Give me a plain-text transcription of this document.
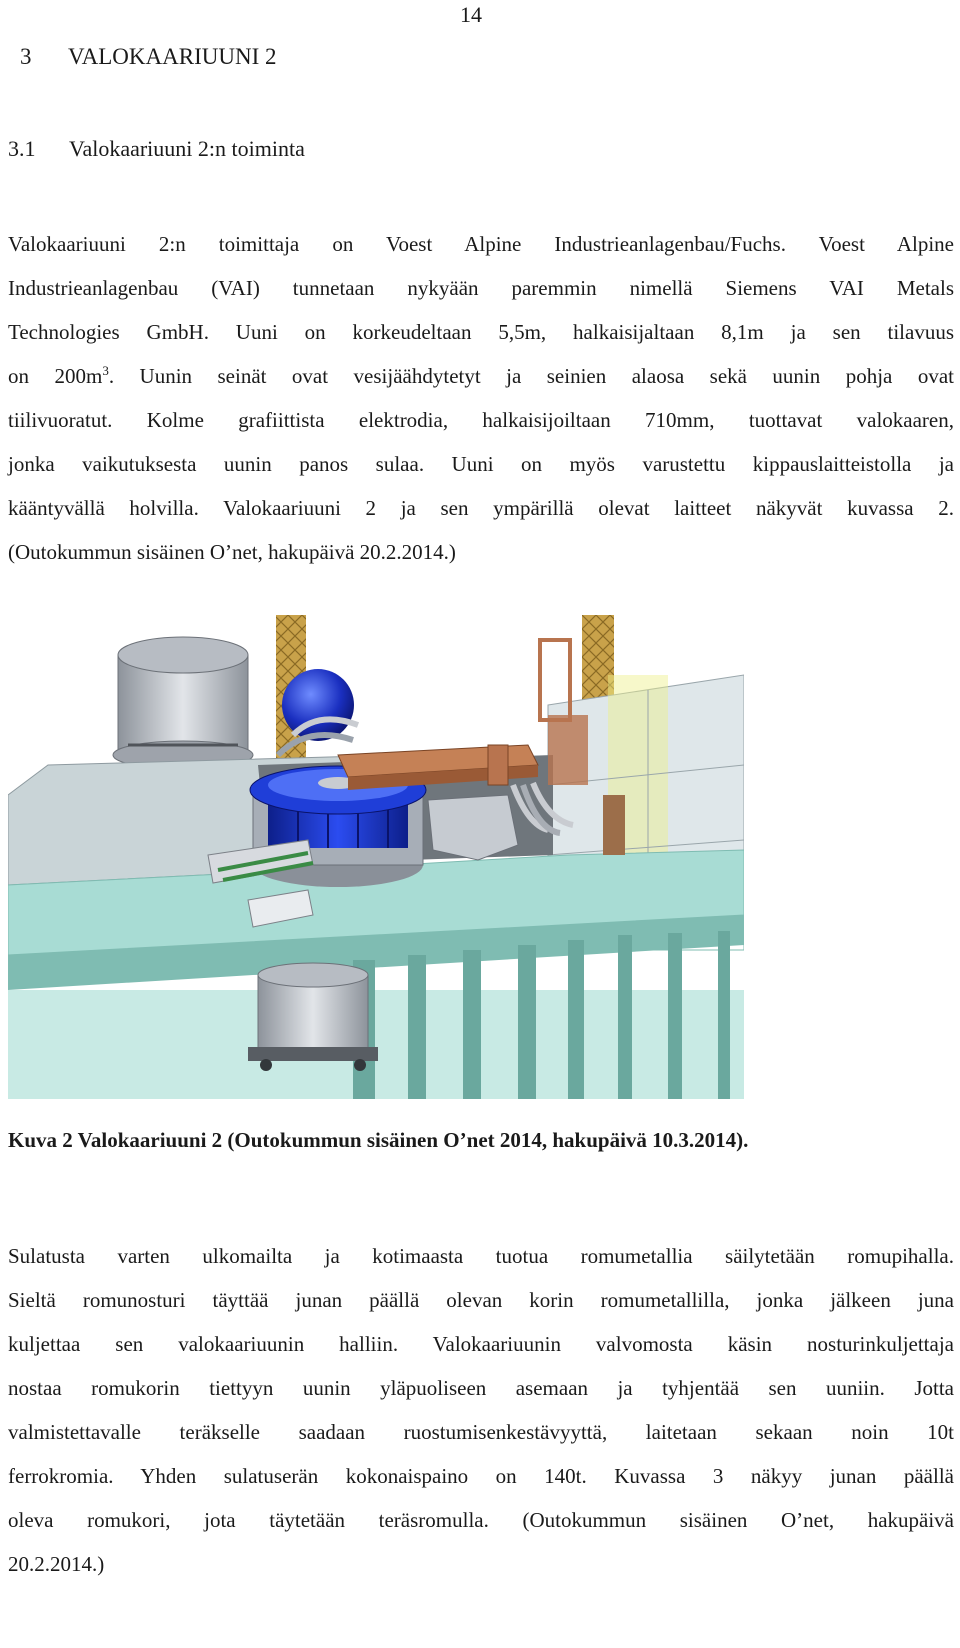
14
3 VALOKAARIUUNI 2
3.1 Valokaariuuni 2:n toiminta
Valokaariuuni 2:n toimittaja on Voest Alpine Industrieanlagenbau/Fuchs. Voest Alpine
Industrieanlagenbau (VAI) tunnetaan nykyään paremmin nimellä Siemens VAI Metals
Technologies GmbH. Uuni on korkeudeltaan 5,5m, halkaisijaltaan 8,1m ja sen tilavuus
on $200m^3$. Uunin seinät ovat vesijäähdytetyt ja seinien alaosa sekä uunin pohja ovat
tiilivuoratut. Kolme grafiittista elektrodia, halkaisijoiltaan 710mm, tuottavat valokaaren,
jonka vaikutuksesta uunin panos sulaa. Uuni on myös varustettu kippauslaitteistolla ja
kääntyvällä holvilla. Valokaariuuni 2 ja sen ympärillä olevat laitteet näkyvät kuvassa 2.
(Outokummun sisäinen O’net, hakupäivä 20.2.2014.)
Kuva 2 Valokaariuuni 2 (Outokummun sisäinen O’net 2014, hakupäivä 10.3.2014).
Sulatusta varten ulkomailta ja kotimaasta tuotua romumetallia säilytetään romupihalla.
Sieltä romunosturi täyttää junan päällä olevan korin romumetallilla, jonka jälkeen juna
kuljettaa sen valokaariuunin halliin. Valokaariuunin valvomosta käsin nosturinkuljettaja
nostaa romukorin tiettyyn uunin yläpuoliseen asemaan ja tyhjentää sen uuniin. Jotta
valmistettavalle teräkselle saadaan ruostumisenkestävyyttä, laitetaan sekaan noin 10t
ferrokromia. Yhden sulatuserän kokonaispaino on 140t. Kuvassa 3 näkyy junan päällä
oleva romukori, jota täytetään teräsromulla. (Outokummun sisäinen O’net, hakupäivä
20.2.2014.)
